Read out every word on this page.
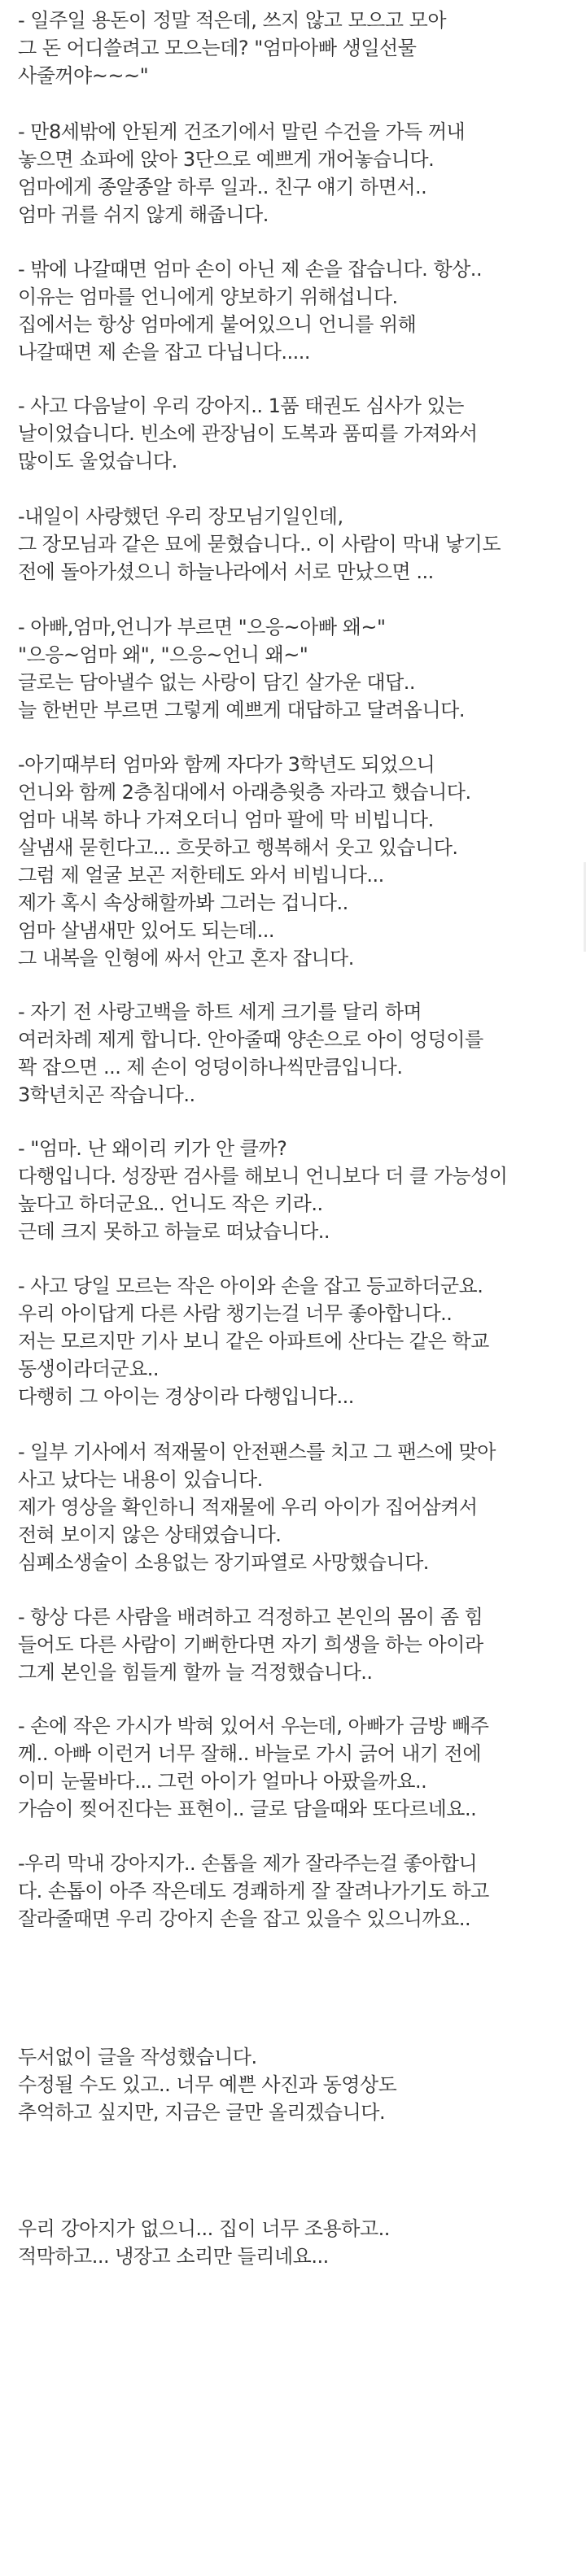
- 일주일 용돈이 정말 적은데, 쓰지 않고 모으고 모아
그 돈 어디쓸려고 모으는데? "엄마아빠 생일선물
사줄꺼야~~~"
- 만8세밖에 안된게 건조기에서 말린 수건을 가득 꺼내
놓으면 쇼파에 앉아 3단으로 예쁘게 개어놓습니다.
엄마에게 종알종알 하루 일과.. 친구 얘기 하면서..
엄마 귀를 쉬지 않게 해줍니다.
- 밖에 나갈때면 엄마 손이 아닌 제 손을 잡습니다. 항상..
이유는 엄마를 언니에게 양보하기 위해섭니다.
집에서는 항상 엄마에게 붙어있으니 언니를 위해
나갈때면 제 손을 잡고 다닙니다.....
- 사고 다음날이 우리 강아지.. 1품 태권도 심사가 있는
날이었습니다. 빈소에 관장님이 도복과 품띠를 가져와서
많이도 울었습니다.
-내일이 사랑했던 우리 장모님기일인데,
그 장모님과 같은 묘에 묻혔습니다.. 이 사람이 막내 낳기도
전에 돌아가셨으니 하늘나라에서 서로 만났으면 ...
- 아빠,엄마,언니가 부르면 "으응~아빠 왜~"
"으응~엄마 왜", "으응~언니 왜~"
글로는 담아낼수 없는 사랑이 담긴 살가운 대답..
늘 한번만 부르면 그렇게 예쁘게 대답하고 달려옵니다.
-아기때부터 엄마와 함께 자다가 3학년도 되었으니
언니와 함께 2층침대에서 아래층윗층 자라고 했습니다.
엄마 내복 하나 가져오더니 엄마 팔에 막 비빕니다.
살냄새 묻힌다고... 흐뭇하고 행복해서 웃고 있습니다.
그럼 제 얼굴 보곤 저한테도 와서 비빕니다...
제가 혹시 속상해할까봐 그러는 겁니다..
엄마 살냄새만 있어도 되는데...
그 내복을 인형에 싸서 안고 혼자 잡니다.
- 자기 전 사랑고백을 하트 세게 크기를 달리 하며
여러차례 제게 합니다. 안아줄때 양손으로 아이 엉덩이를
꽉 잡으면 ... 제 손이 엉덩이하나씩만큼입니다.
3학년치곤 작습니다..
- "엄마. 난 왜이리 키가 안 클까?
다행입니다. 성장판 검사를 해보니 언니보다 더 클 가능성이
높다고 하더군요.. 언니도 작은 키라..
근데 크지 못하고 하늘로 떠났습니다..
- 사고 당일 모르는 작은 아이와 손을 잡고 등교하더군요.
우리 아이답게 다른 사람 챙기는걸 너무 좋아합니다..
저는 모르지만 기사 보니 같은 아파트에 산다는 같은 학교
동생이라더군요..
다행히 그 아이는 경상이라 다행입니다...
- 일부 기사에서 적재물이 안전팬스를 치고 그 팬스에 맞아
사고 났다는 내용이 있습니다.
제가 영상을 확인하니 적재물에 우리 아이가 집어삼켜서
전혀 보이지 않은 상태였습니다.
심폐소생술이 소용없는 장기파열로 사망했습니다.
- 항상 다른 사람을 배려하고 걱정하고 본인의 몸이 좀 힘
들어도 다른 사람이 기뻐한다면 자기 희생을 하는 아이라
그게 본인을 힘들게 할까 늘 걱정했습니다..
- 손에 작은 가시가 박혀 있어서 우는데, 아빠가 금방 빼주
께.. 아빠 이런거 너무 잘해.. 바늘로 가시 긁어 내기 전에
이미 눈물바다... 그런 아이가 얼마나 아팠을까요..
가슴이 찢어진다는 표현이.. 글로 담을때와 또다르네요..
-우리 막내 강아지가.. 손톱을 제가 잘라주는걸 좋아합니
다. 손톱이 아주 작은데도 경쾌하게 잘 잘려나가기도 하고
잘라줄때면 우리 강아지 손을 잡고 있을수 있으니까요..
두서없이 글을 작성했습니다.
수정될 수도 있고.. 너무 예쁜 사진과 동영상도
추억하고 싶지만, 지금은 글만 올리겠습니다.
우리 강아지가 없으니... 집이 너무 조용하고..
적막하고... 냉장고 소리만 들리네요...
